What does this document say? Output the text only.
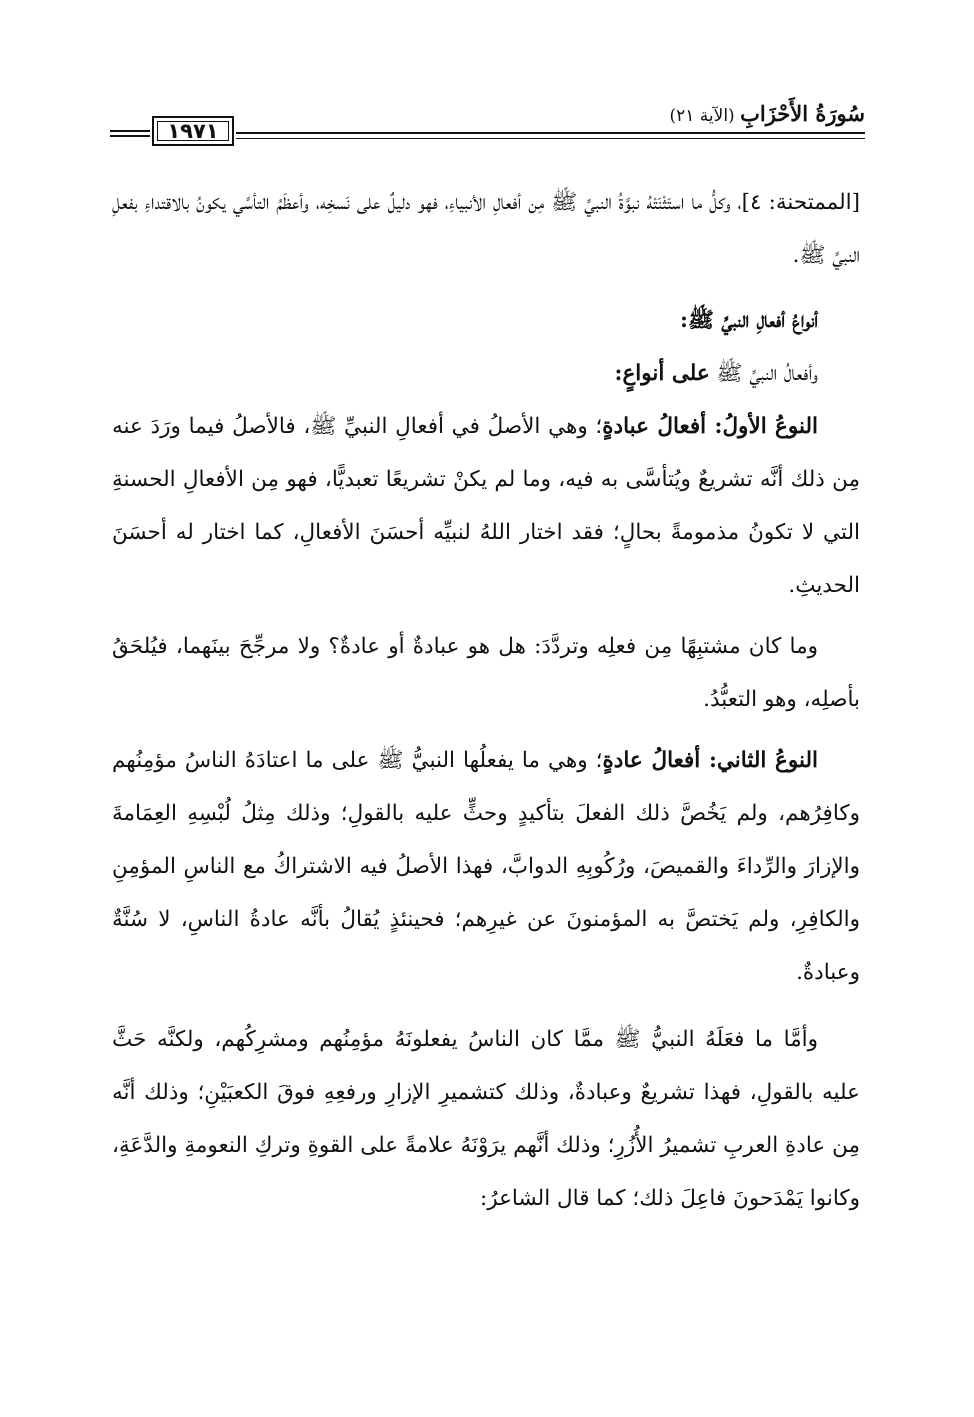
١٩٧١
سُورَةُ الأَحْزَابِ (الآية ٢١)

[الممتحنة: ٤]، وكلُّ ما استَثْنَتْهُ نبوَّةُ النبيِّ ﷺ مِن أفعالِ الأنبياءِ، فهو دليلٌ على نَسخِه، وأعظَمُ التأسِّي يكونُ بالاقتداءِ بفعلِ النبيِّ ﷺ.

أنواعُ أفعالِ النبيِّ ﷺ:

وأفعالُ النبيِّ ﷺ على أنواعٍ:

النوعُ الأولُ: أفعالُ عبادةٍ؛ وهي الأصلُ في أفعالِ النبيِّ ﷺ، فالأصلُ فيما ورَدَ عنه مِن ذلك أنَّه تشريعٌ ويُتأسَّى به فيه، وما لم يكنْ تشريعًا تعبديًّا، فهو مِن الأفعالِ الحسنةِ التي لا تكونُ مذمومةً بحالٍ؛ فقد اختار اللهُ لنبيِّه أحسَنَ الأفعالِ، كما اختار له أحسَنَ الحديثِ.

وما كان مشتبِهًا مِن فعلِه وتردَّدَ: هل هو عبادةٌ أو عادةٌ؟ ولا مرجِّحَ بينَهما، فيُلحَقُ بأصلِه، وهو التعبُّدُ.

النوعُ الثاني: أفعالُ عادةٍ؛ وهي ما يفعلُها النبيُّ ﷺ على ما اعتادَهُ الناسُ مؤمِنُهم وكافِرُهم، ولم يَخُصَّ ذلك الفعلَ بتأكيدٍ وحثٍّ عليه بالقولِ؛ وذلك مِثلُ لُبْسِهِ العِمَامةَ والإزارَ والرِّداءَ والقميصَ، ورُكُوبِهِ الدوابَّ، فهذا الأصلُ فيه الاشتراكُ مع الناسِ المؤمِنِ والكافِرِ، ولم يَختصَّ به المؤمنونَ عن غيرِهم؛ فحينئذٍ يُقالُ بأنَّه عادةُ الناسِ، لا سُنَّةٌ وعبادةٌ.

وأمَّا ما فعَلَهُ النبيُّ ﷺ ممَّا كان الناسُ يفعلونَهُ مؤمِنُهم ومشرِكُهم، ولكنَّه حَثَّ عليه بالقولِ، فهذا تشريعٌ وعبادةٌ، وذلك كتشميرِ الإزارِ ورفعِهِ فوقَ الكعبَيْنِ؛ وذلك أنَّه مِن عادةِ العربِ تشميرُ الأُزُرِ؛ وذلك أنَّهم يرَوْنَهُ علامةً على القوةِ وتركِ النعومةِ والدَّعَةِ، وكانوا يَمْدَحونَ فاعِلَ ذلك؛ كما قال الشاعرُ:
